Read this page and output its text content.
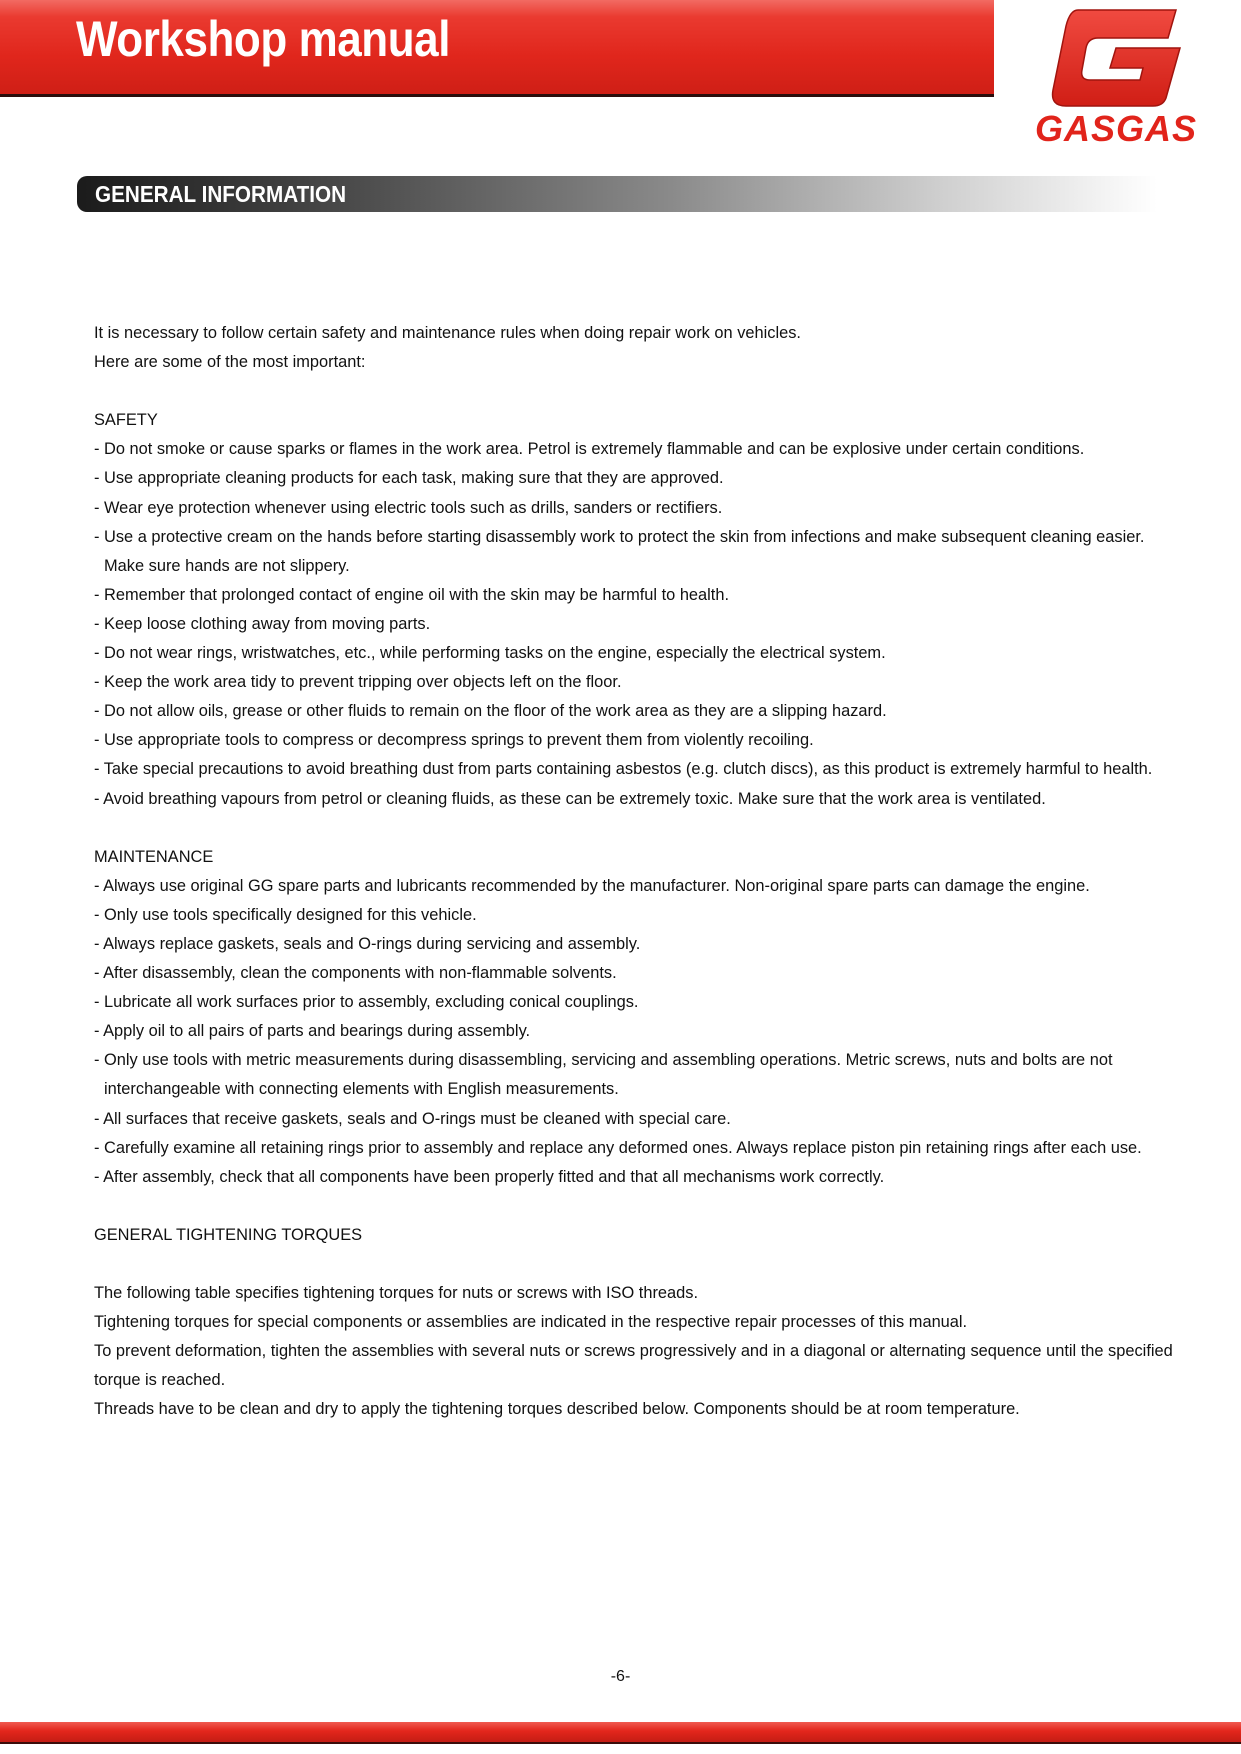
Workshop manual
GASGAS
GENERAL INFORMATION

It is necessary to follow certain safety and maintenance rules when doing repair work on vehicles.

Here are some of the most important:

SAFETY

- Do not smoke or cause sparks or flames in the work area. Petrol is extremely flammable and can be explosive under certain conditions.

- Use appropriate cleaning products for each task, making sure that they are approved.

- Wear eye protection whenever using electric tools such as drills, sanders or rectifiers.

- Use a protective cream on the hands before starting disassembly work to protect the skin from infections and make subsequent cleaning easier. Make sure hands are not slippery.

- Remember that prolonged contact of engine oil with the skin may be harmful to health.

- Keep loose clothing away from moving parts.

- Do not wear rings, wristwatches, etc., while performing tasks on the engine, especially the electrical system.

- Keep the work area tidy to prevent tripping over objects left on the floor.

- Do not allow oils, grease or other fluids to remain on the floor of the work area as they are a slipping hazard.

- Use appropriate tools to compress or decompress springs to prevent them from violently recoiling.

- Take special precautions to avoid breathing dust from parts containing asbestos (e.g. clutch discs), as this product is extremely harmful to health.

- Avoid breathing vapours from petrol or cleaning fluids, as these can be extremely toxic. Make sure that the work area is ventilated.

MAINTENANCE

- Always use original GG spare parts and lubricants recommended by the manufacturer. Non-original spare parts can damage the engine.

- Only use tools specifically designed for this vehicle.

- Always replace gaskets, seals and O-rings during servicing and assembly.

- After disassembly, clean the components with non-flammable solvents.

- Lubricate all work surfaces prior to assembly, excluding conical couplings.

- Apply oil to all pairs of parts and bearings during assembly.

- Only use tools with metric measurements during disassembling, servicing and assembling operations. Metric screws, nuts and bolts are not interchangeable with connecting elements with English measurements.

- All surfaces that receive gaskets, seals and O-rings must be cleaned with special care.

- Carefully examine all retaining rings prior to assembly and replace any deformed ones. Always replace piston pin retaining rings after each use.

- After assembly, check that all components have been properly fitted and that all mechanisms work correctly.

GENERAL TIGHTENING TORQUES

The following table specifies tightening torques for nuts or screws with ISO threads.

Tightening torques for special components or assemblies are indicated in the respective repair processes of this manual.

To prevent deformation, tighten the assemblies with several nuts or screws progressively and in a diagonal or alternating sequence until the specified torque is reached.

Threads have to be clean and dry to apply the tightening torques described below. Components should be at room temperature.

-6-
